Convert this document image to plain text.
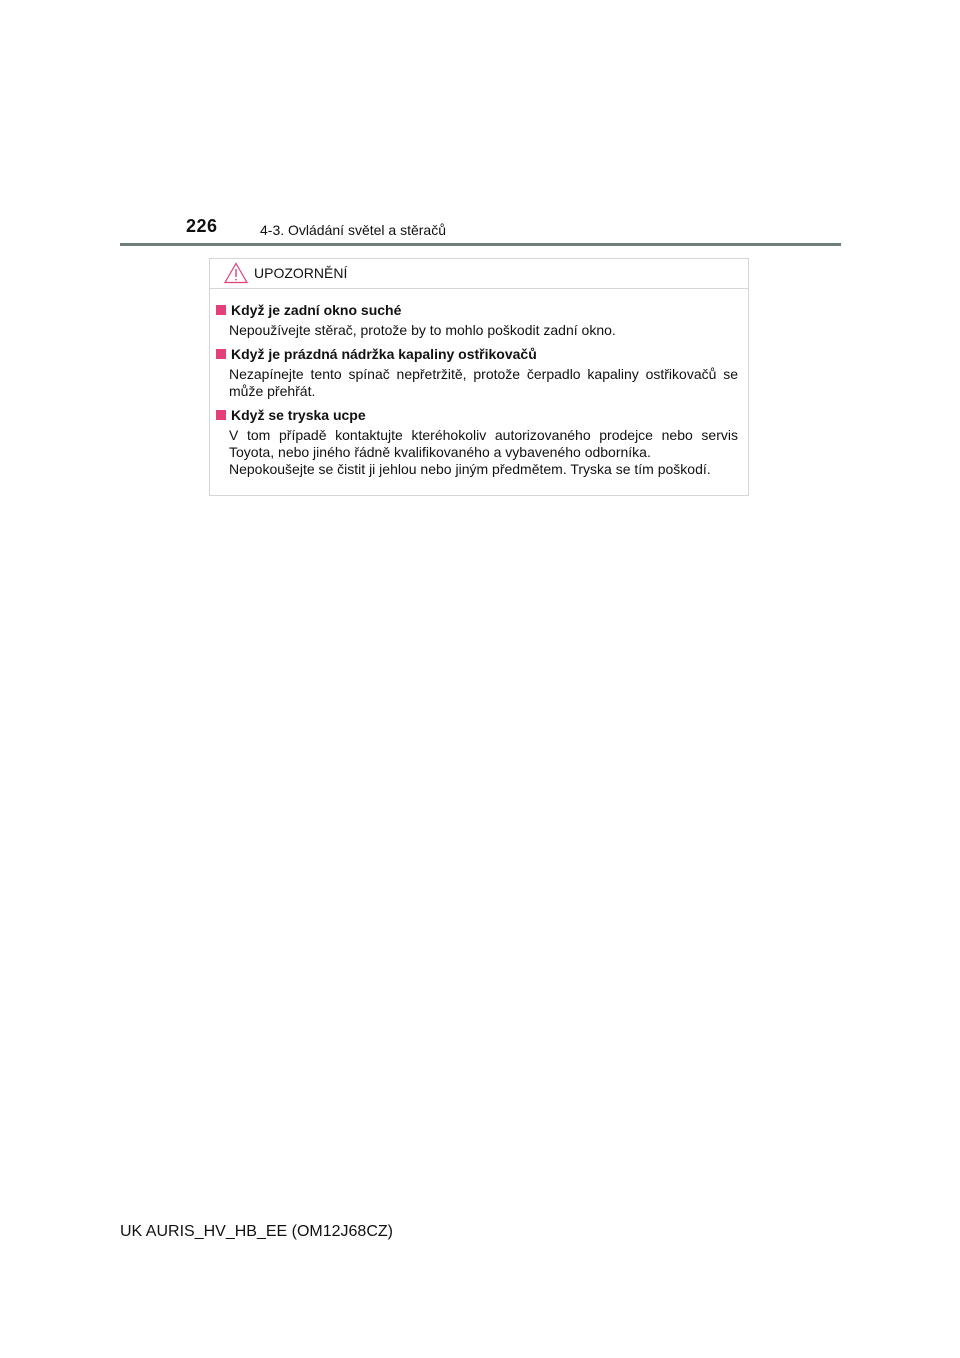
226	4-3. Ovládání světel a stěračů
UPOZORNĚNÍ
Když je zadní okno suché

Nepoužívejte stěrač, protože by to mohlo poškodit zadní okno.

Když je prázdná nádržka kapaliny ostřikovačů

Nezapínejte tento spínač nepřetržitě, protože čerpadlo kapaliny ostřikovačů se může přehřát.

Když se tryska ucpe

V tom případě kontaktujte kteréhokoliv autorizovaného prodejce nebo servis Toyota, nebo jiného řádně kvalifikovaného a vybaveného odborníka.

Nepokoušejte se čistit ji jehlou nebo jiným předmětem. Tryska se tím poškodí.

UK AURIS_HV_HB_EE (OM12J68CZ)
